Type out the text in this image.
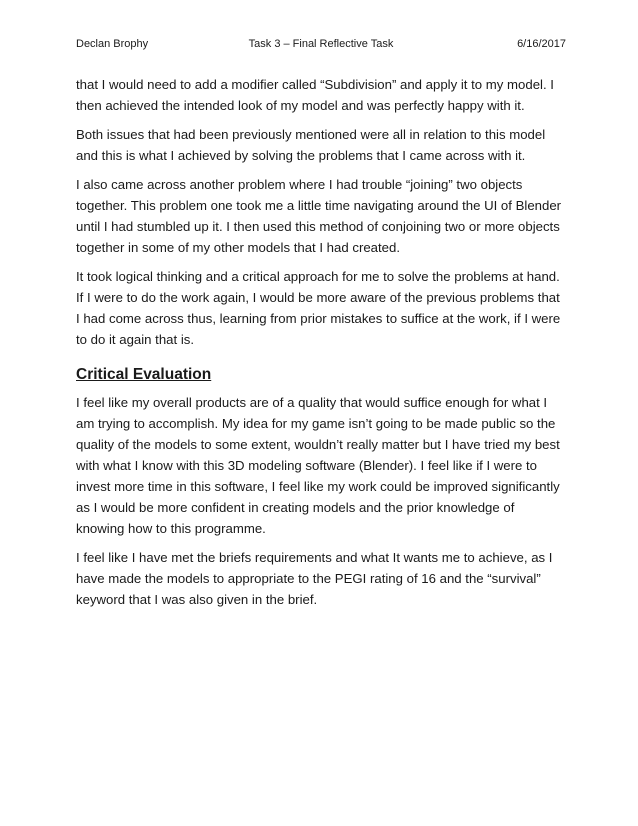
Declan Brophy	Task 3 – Final Reflective Task	6/16/2017

that I would need to add a modifier called “Subdivision” and apply it to my model. I then achieved the intended look of my model and was perfectly happy with it.

Both issues that had been previously mentioned were all in relation to this model and this is what I achieved by solving the problems that I came across with it.

I also came across another problem where I had trouble “joining” two objects together. This problem one took me a little time navigating around the UI of Blender until I had stumbled up it. I then used this method of conjoining two or more objects together in some of my other models that I had created.

It took logical thinking and a critical approach for me to solve the problems at hand. If I were to do the work again, I would be more aware of the previous problems that I had come across thus, learning from prior mistakes to suffice at the work, if I were to do it again that is.

Critical Evaluation

I feel like my overall products are of a quality that would suffice enough for what I am trying to accomplish. My idea for my game isn’t going to be made public so the quality of the models to some extent, wouldn’t really matter but I have tried my best with what I know with this 3D modeling software (Blender). I feel like if I were to invest more time in this software, I feel like my work could be improved significantly as I would be more confident in creating models and the prior knowledge of knowing how to this programme.

I feel like I have met the briefs requirements and what It wants me to achieve, as I have made the models to appropriate to the PEGI rating of 16 and the “survival” keyword that I was also given in the brief.
